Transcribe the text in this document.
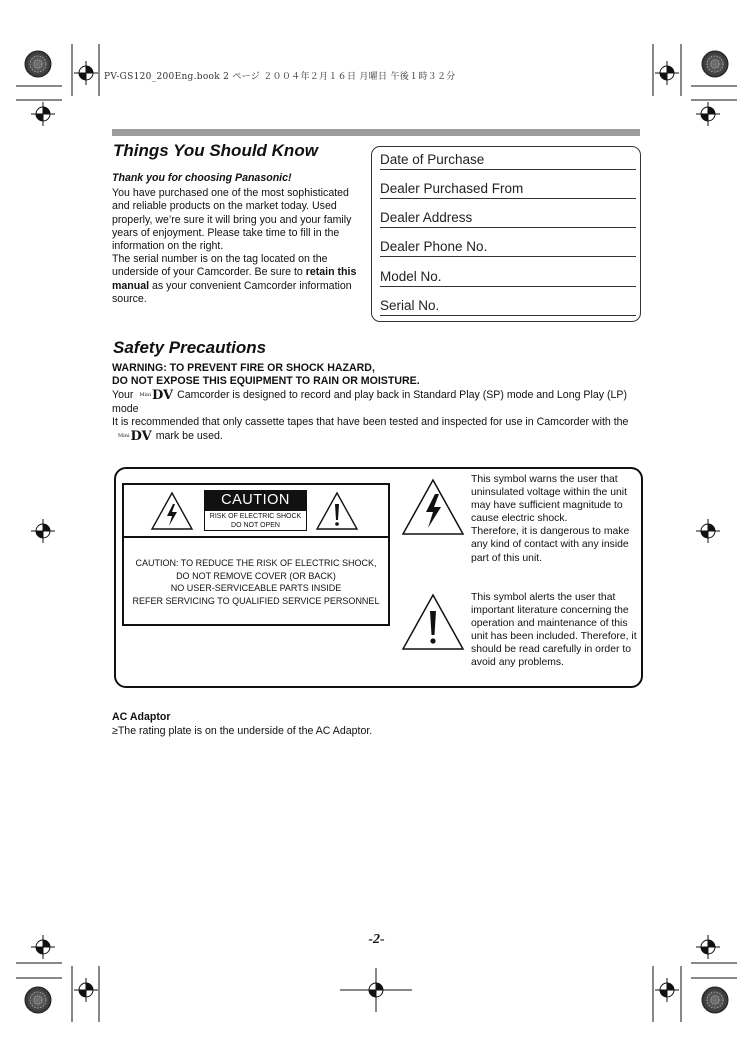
PV-GS120_200Eng.book 2 ページ ２００４年２月１６日 月曜日 午後１時３２分
Things You Should Know

Thank you for choosing Panasonic!

You have purchased one of the most sophisticated and reliable products on the market today. Used properly, we’re sure it will bring you and your family years of enjoyment. Please take time to fill in the information on the right.

The serial number is on the tag located on the underside of your Camcorder. Be sure to retain this manual as your convenient Camcorder information source.

Date of Purchase
Dealer Purchased From
Dealer Address
Dealer Phone No.
Model No.
Serial No.
Safety Precautions

WARNING: TO PREVENT FIRE OR SHOCK HAZARD,

DO NOT EXPOSE THIS EQUIPMENT TO RAIN OR MOISTURE.

Your $^{Mini}$DV Camcorder is designed to record and play back in Standard Play (SP) mode and Long Play (LP) mode

It is recommended that only cassette tapes that have been tested and inspected for use in Camcorder with the$^{Mini}$DV mark be used.

CAUTION
RISK OF ELECTRIC SHOCK
DO NOT OPEN
CAUTION: TO REDUCE THE RISK OF ELECTRIC SHOCK,
DO NOT REMOVE COVER (OR BACK)
NO USER-SERVICEABLE PARTS INSIDE
REFER SERVICING TO QUALIFIED SERVICE PERSONNEL
This symbol warns the user that uninsulated voltage within the unit may have sufficient magnitude to cause electric shock.
Therefore, it is dangerous to make any kind of contact with any inside part of this unit.
This symbol alerts the user that important literature concerning the operation and maintenance of this unit has been included. Therefore, it should be read carefully in order to avoid any problems.

AC Adaptor

≥The rating plate is on the underside of the AC Adaptor.

-2-
